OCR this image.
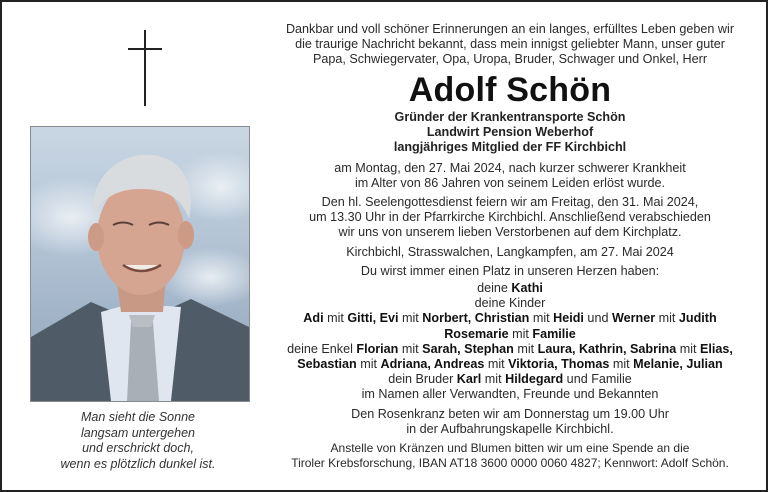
Man sieht die Sonne
langsam untergehen
und erschrickt doch,
wenn es plötzlich dunkel ist.
Dankbar und voll schöner Erinnerungen an ein langes, erfülltes Leben geben wir
die traurige Nachricht bekannt, dass mein innigst geliebter Mann, unser guter
Papa, Schwiegervater, Opa, Uropa, Bruder, Schwager und Onkel, Herr
Adolf Schön
Gründer der Krankentransporte Schön
Landwirt Pension Weberhof
langjähriges Mitglied der FF Kirchbichl
am Montag, den 27. Mai 2024, nach kurzer schwerer Krankheit
im Alter von 86 Jahren von seinem Leiden erlöst wurde.
Den hl. Seelengottesdienst feiern wir am Freitag, den 31. Mai 2024,
um 13.30 Uhr in der Pfarrkirche Kirchbichl. Anschließend verabschieden
wir uns von unserem lieben Verstorbenen auf dem Kirchplatz.
Kirchbichl, Strasswalchen, Langkampfen, am 27. Mai 2024
Du wirst immer einen Platz in unseren Herzen haben:
deine Kathi
deine Kinder
Adi mit Gitti, Evi mit Norbert, Christian mit Heidi und Werner mit Judith
Rosemarie mit Familie
deine Enkel Florian mit Sarah, Stephan mit Laura, Kathrin, Sabrina mit Elias,
Sebastian mit Adriana, Andreas mit Viktoria, Thomas mit Melanie, Julian
dein Bruder Karl mit Hildegard und Familie
im Namen aller Verwandten, Freunde und Bekannten
Den Rosenkranz beten wir am Donnerstag um 19.00 Uhr
in der Aufbahrungskapelle Kirchbichl.
Anstelle von Kränzen und Blumen bitten wir um eine Spende an die
Tiroler Krebsforschung, IBAN AT18 3600 0000 0060 4827; Kennwort: Adolf Schön.
